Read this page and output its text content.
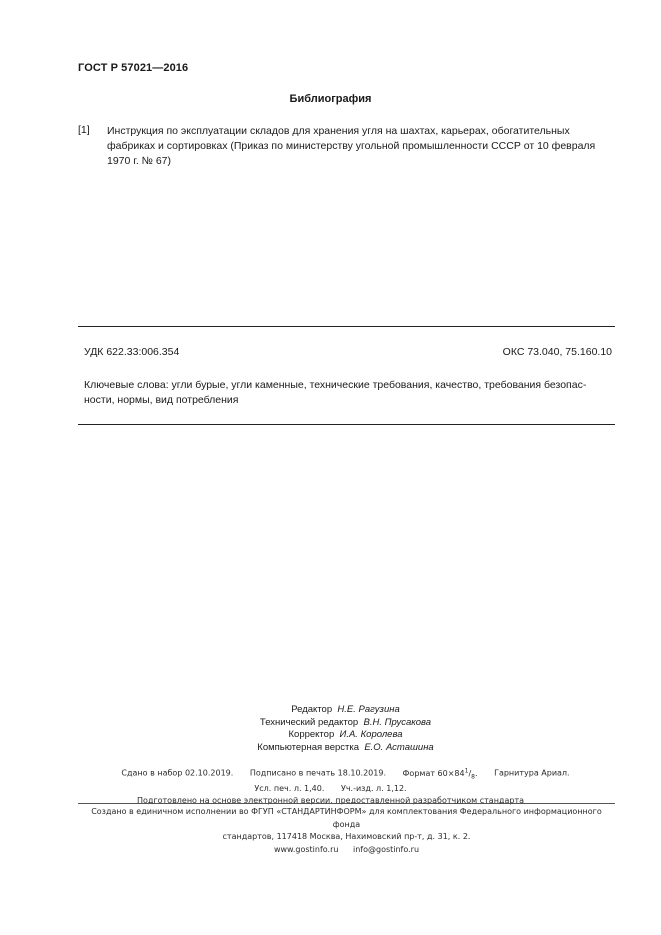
ГОСТ Р 57021—2016
Библиография
[1] Инструкция по эксплуатации складов для хранения угля на шахтах, карьерах, обогатительных фабриках и сортировках (Приказ по министерству угольной промышленности СССР от 10 февраля 1970 г. № 67)
УДК 622.33:006.354	ОКС 73.040, 75.160.10
Ключевые слова: угли бурые, угли каменные, технические требования, качество, требования безопас-ности, нормы, вид потребления
Редактор Н.Е. Рагузина
Технический редактор В.Н. Прусакова
Корректор И.А. Королева
Компьютерная верстка Е.О. Асташина
Сдано в набор 02.10.2019. Подписано в печать 18.10.2019. Формат $60\times 84^1/_8$. Гарнитура Ариал.
Усл. печ. л. 1,40. Уч.-изд. л. 1,12.
Подготовлено на основе электронной версии, предоставленной разработчиком стандарта
Создано в единичном исполнении во ФГУП «СТАНДАРТИНФОРМ» для комплектования Федерального информационного фонда
стандартов, 117418 Москва, Нахимовский пр-т, д. 31, к. 2.
www.gostinfo.ru info@gostinfo.ru
